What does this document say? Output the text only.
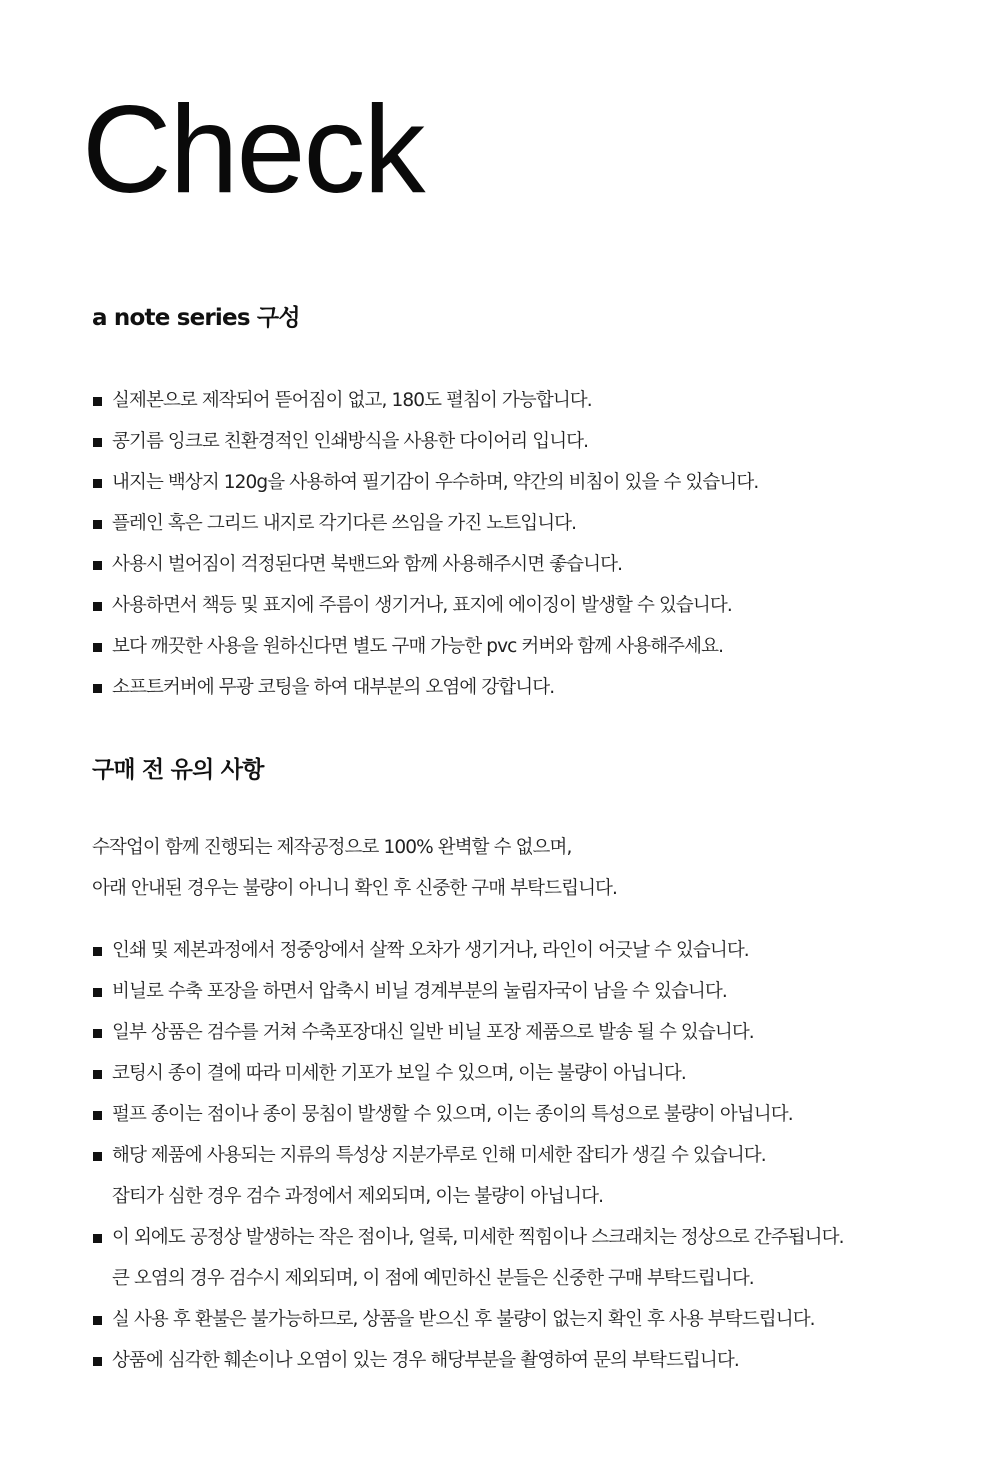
Check
a note series 구성
실제본으로 제작되어 뜯어짐이 없고, 180도 펼침이 가능합니다.
콩기름 잉크로 친환경적인 인쇄방식을 사용한 다이어리 입니다.
내지는 백상지 120g을 사용하여 필기감이 우수하며, 약간의 비침이 있을 수 있습니다.
플레인 혹은 그리드 내지로 각기다른 쓰임을 가진 노트입니다.
사용시 벌어짐이 걱정된다면 북밴드와 함께 사용해주시면 좋습니다.
사용하면서 책등 및 표지에 주름이 생기거나, 표지에 에이징이 발생할 수 있습니다.
보다 깨끗한 사용을 원하신다면 별도 구매 가능한 pvc 커버와 함께 사용해주세요.
소프트커버에 무광 코팅을 하여 대부분의 오염에 강합니다.
구매 전 유의 사항
수작업이 함께 진행되는 제작공정으로 100% 완벽할 수 없으며,
아래 안내된 경우는 불량이 아니니 확인 후 신중한 구매 부탁드립니다.
인쇄 및 제본과정에서 정중앙에서 살짝 오차가 생기거나, 라인이 어긋날 수 있습니다.
비닐로 수축 포장을 하면서 압축시 비닐 경계부분의 눌림자국이 남을 수 있습니다.
일부 상품은 검수를 거쳐 수축포장대신 일반 비닐 포장 제품으로 발송 될 수 있습니다.
코팅시 종이 결에 따라 미세한 기포가 보일 수 있으며, 이는 불량이 아닙니다.
펄프 종이는 점이나 종이 뭉침이 발생할 수 있으며, 이는 종이의 특성으로 불량이 아닙니다.
해당 제품에 사용되는 지류의 특성상 지분가루로 인해 미세한 잡티가 생길 수 있습니다.
잡티가 심한 경우 검수 과정에서 제외되며, 이는 불량이 아닙니다.
이 외에도 공정상 발생하는 작은 점이나, 얼룩, 미세한 찍힘이나 스크래치는 정상으로 간주됩니다.
큰 오염의 경우 검수시 제외되며, 이 점에 예민하신 분들은 신중한 구매 부탁드립니다.
실 사용 후 환불은 불가능하므로, 상품을 받으신 후 불량이 없는지 확인 후 사용 부탁드립니다.
상품에 심각한 훼손이나 오염이 있는 경우 해당부분을 촬영하여 문의 부탁드립니다.
